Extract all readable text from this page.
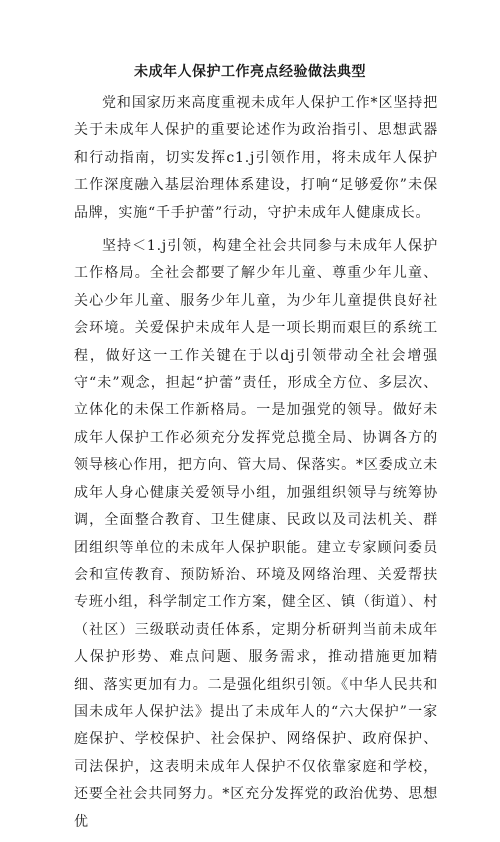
未成年人保护工作亮点经验做法典型

党和国家历来高度重视未成年人保护工作*区坚持把关于未成年人保护的重要论述作为政治指引、思想武器和行动指南，切实发挥c1.j引领作用，将未成年人保护工作深度融入基层治理体系建设，打响“足够爱你”未保品牌，实施“千手护蕾”行动，守护未成年人健康成长。

坚持＜1.j引领，构建全社会共同参与未成年人保护工作格局。全社会都要了解少年儿童、尊重少年儿童、关心少年儿童、服务少年儿童，为少年儿童提供良好社会环境。关爱保护未成年人是一项长期而艰巨的系统工程，做好这一工作关键在于以dj引领带动全社会增强守“未”观念，担起“护蕾”责任，形成全方位、多层次、立体化的未保工作新格局。一是加强党的领导。做好未成年人保护工作必须充分发挥党总揽全局、协调各方的领导核心作用，把方向、管大局、保落实。*区委成立未成年人身心健康关爱领导小组，加强组织领导与统筹协调，全面整合教育、卫生健康、民政以及司法机关、群团组织等单位的未成年人保护职能。建立专家顾问委员会和宣传教育、预防矫治、环境及网络治理、关爱帮扶专班小组，科学制定工作方案，健全区、镇（街道）、村（社区）三级联动责任体系，定期分析研判当前未成年人保护形势、难点问题、服务需求，推动措施更加精细、落实更加有力。二是强化组织引领。《中华人民共和国未成年人保护法》提出了未成年人的“六大保护”一家庭保护、学校保护、社会保护、网络保护、政府保护、司法保护，这表明未成年人保护不仅依靠家庭和学校，还要全社会共同努力。*区充分发挥党的政治优势、思想优
